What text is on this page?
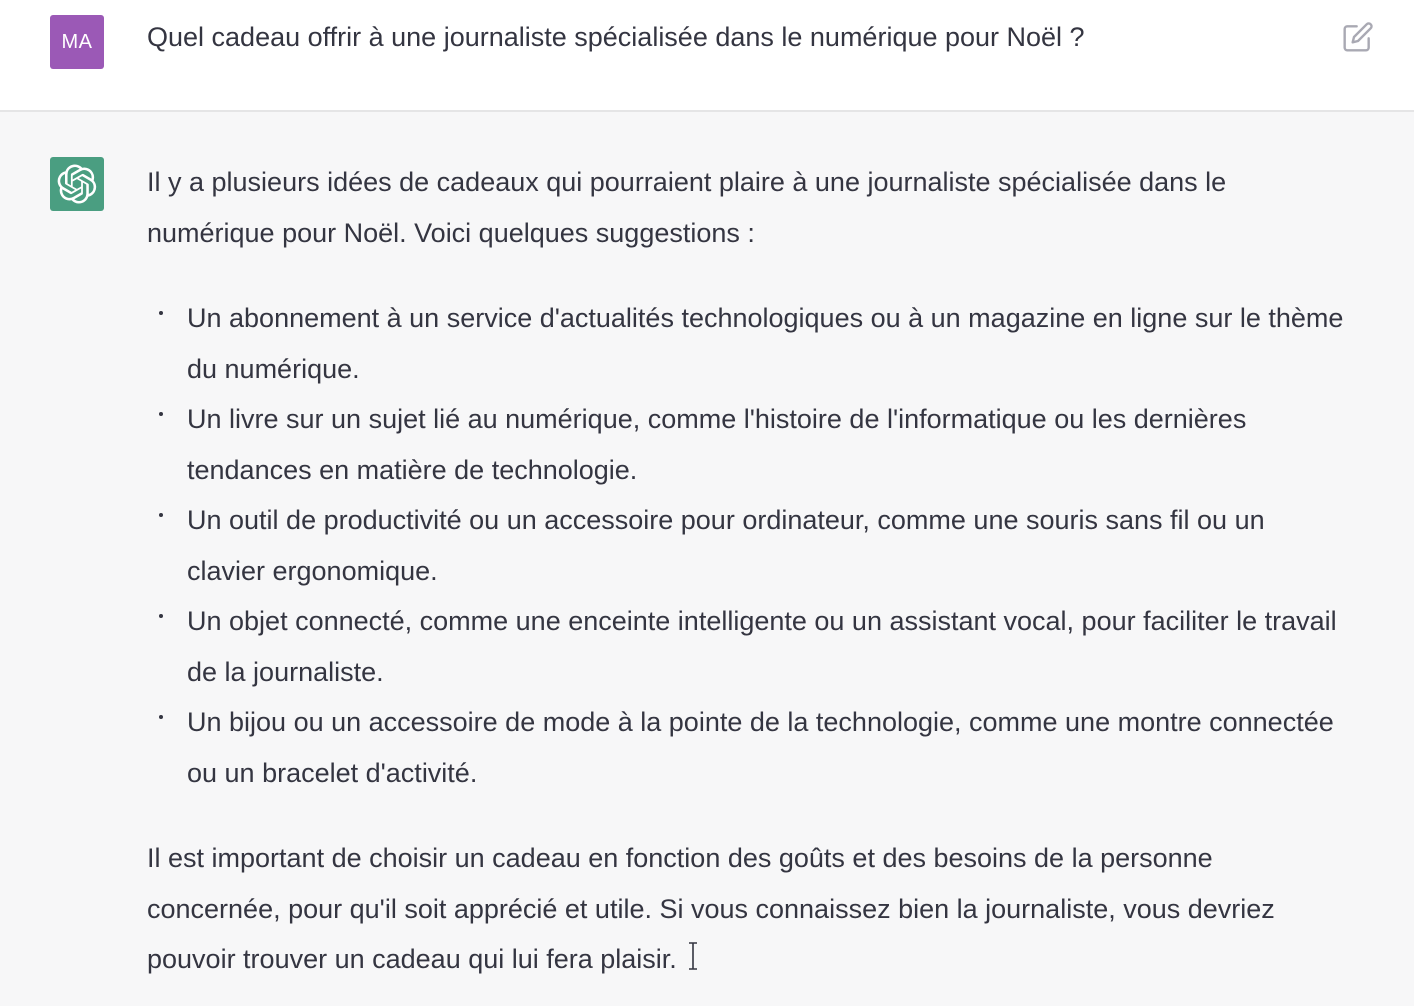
MA Quel cadeau offrir à une journaliste spécialisée dans le numérique pour Noël ?

Il y a plusieurs idées de cadeaux qui pourraient plaire à une journaliste spécialisée dans le numérique pour Noël. Voici quelques suggestions :

Un abonnement à un service d'actualités technologiques ou à un magazine en ligne sur le thème du numérique.
Un livre sur un sujet lié au numérique, comme l'histoire de l'informatique ou les dernières tendances en matière de technologie.
Un outil de productivité ou un accessoire pour ordinateur, comme une souris sans fil ou un clavier ergonomique.
Un objet connecté, comme une enceinte intelligente ou un assistant vocal, pour faciliter le travail de la journaliste.
Un bijou ou un accessoire de mode à la pointe de la technologie, comme une montre connectée ou un bracelet d'activité.

Il est important de choisir un cadeau en fonction des goûts et des besoins de la personne concernée, pour qu'il soit apprécié et utile. Si vous connaissez bien la journaliste, vous devriez pouvoir trouver un cadeau qui lui fera plaisir.
